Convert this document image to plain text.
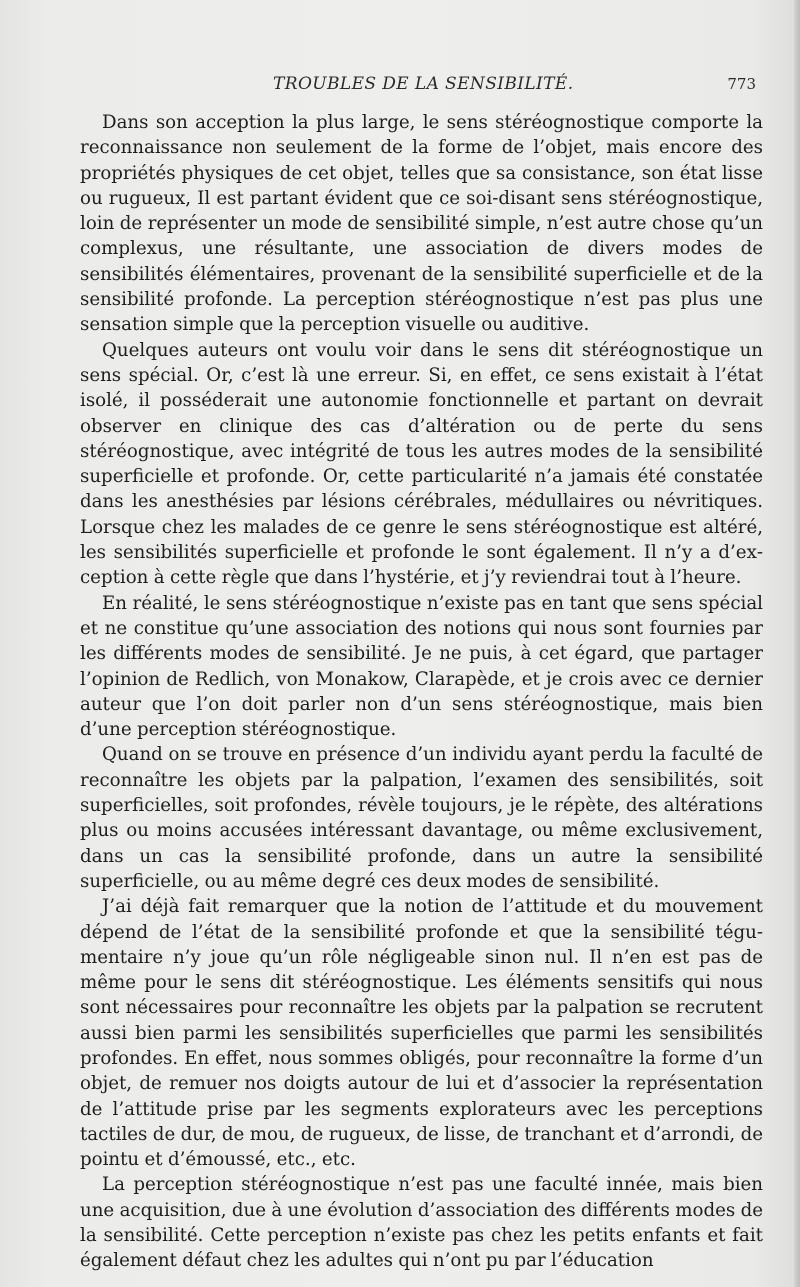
TROUBLES DE LA SENSIBILITÉ.	773

Dans son acception la plus large, le sens stéréognostique comporte la reconnaissance non seulement de la forme de l’objet, mais encore des propriétés physiques de cet objet, telles que sa consistance, son état lisse ou rugueux, Il est partant évident que ce soi-disant sens stéréognostique, loin de représenter un mode de sensibilité simple, n’est autre chose qu’un complexus, une résultante, une association de divers modes de sensibilités élémentaires, provenant de la sensibilité superficielle et de la sensibilité profonde. La perception stéréognostique n’est pas plus une sensation simple que la perception visuelle ou auditive.

Quelques auteurs ont voulu voir dans le sens dit stéréognostique un sens spécial. Or, c’est là une erreur. Si, en effet, ce sens existait à l’état isolé, il posséderait une autonomie fonctionnelle et partant on devrait observer en clinique des cas d’altération ou de perte du sens stéréognostique, avec intégrité de tous les autres modes de la sensibilité superficielle et profonde. Or, cette particularité n’a jamais été constatée dans les anesthésies par lésions cérébrales, médullaires ou névritiques. Lorsque chez les malades de ce genre le sens stéréognostique est altéré, les sensibilités superficielle et profonde le sont également. Il n’y a d’exception à cette règle que dans l’hystérie, et j’y reviendrai tout à l’heure.

En réalité, le sens stéréognostique n’existe pas en tant que sens spécial et ne constitue qu’une association des notions qui nous sont fournies par les différents modes de sensibilité. Je ne puis, à cet égard, que partager l’opinion de Redlich, von Monakow, Clarapède, et je crois avec ce dernier auteur que l’on doit parler non d’un sens stéréognostique, mais bien d’une perception stéréognostique.

Quand on se trouve en présence d’un individu ayant perdu la faculté de reconnaître les objets par la palpation, l’examen des sensibilités, soit superficielles, soit profondes, révèle toujours, je le répète, des altérations plus ou moins accusées intéressant davantage, ou même exclusivement, dans un cas la sensibilité profonde, dans un autre la sensibilité superficielle, ou au même degré ces deux modes de sensibilité.

J’ai déjà fait remarquer que la notion de l’attitude et du mouvement dépend de l’état de la sensibilité profonde et que la sensibilité tégumentaire n’y joue qu’un rôle négligeable sinon nul. Il n’en est pas de même pour le sens dit stéréognostique. Les éléments sensitifs qui nous sont nécessaires pour reconnaître les objets par la palpation se recrutent aussi bien parmi les sensibilités superficielles que parmi les sensibilités profondes. En effet, nous sommes obligés, pour reconnaître la forme d’un objet, de remuer nos doigts autour de lui et d’associer la représentation de l’attitude prise par les segments explorateurs avec les perceptions tactiles de dur, de mou, de rugueux, de lisse, de tranchant et d’arrondi, de pointu et d’émoussé, etc., etc.

La perception stéréognostique n’est pas une faculté innée, mais bien une acquisition, due à une évolution d’association des différents modes de la sensibilité. Cette perception n’existe pas chez les petits enfants et fait également défaut chez les adultes qui n’ont pu par l’éducation
